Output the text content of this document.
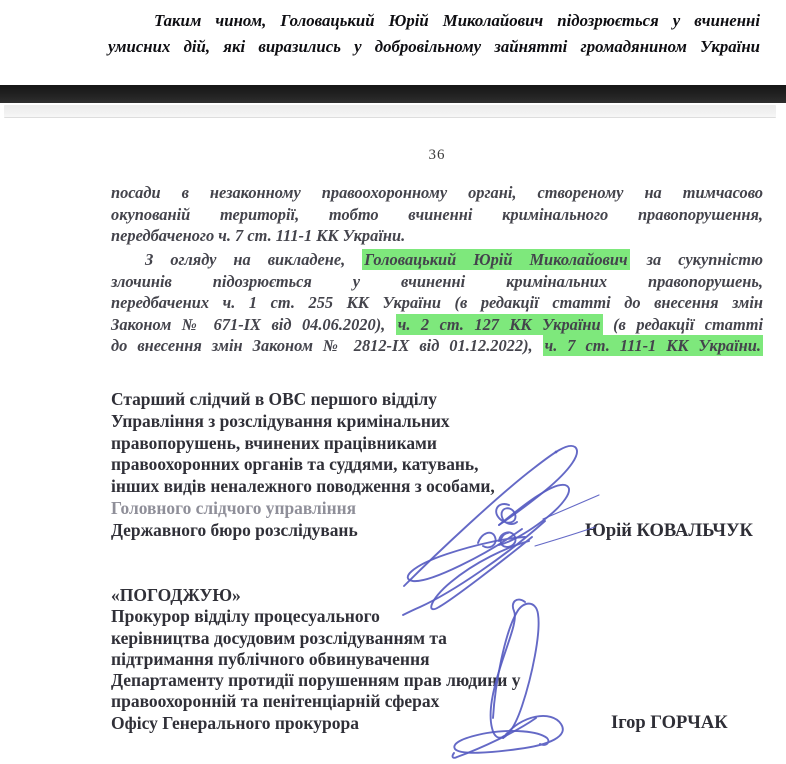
Таким чином, Головацький Юрій Миколайович підозрюється у вчиненні
умисних дій, які виразились у добровільному зайнятті громадянином України
36
посади в незаконному правоохоронному органі, створеному на тимчасово
окупованій території, тобто вчиненні кримінального правопорушення,
передбаченого ч. 7 ст. 111-1 КК України.
З огляду на викладене, Головацький Юрій Миколайович за сукупністю
злочинів підозрюється у вчиненні кримінальних правопорушень,
передбачених ч. 1 ст. 255 КК України (в редакції статті до внесення змін
Законом № 671-ІХ від 04.06.2020), ч. 2 ст. 127 КК України (в редакції статті
до внесення змін Законом № 2812-ІХ від 01.12.2022), ч. 7 ст. 111-1 КК України.
Старший слідчий в ОВС першого відділу
Управління з розслідування кримінальних
правопорушень, вчинених працівниками
правоохоронних органів та суддями, катувань,
інших видів неналежного поводження з особами,
Головного слідчого управління
Державного бюро розслідувань	Юрій КОВАЛЬЧУК
«ПОГОДЖУЮ»
Прокурор відділу процесуального
керівництва досудовим розслідуванням та
підтримання публічного обвинувачення
Департаменту протидії порушенням прав людини у
правоохоронній та пенітенціарній сферах
Офісу Генерального прокурора	Ігор ГОРЧАК
